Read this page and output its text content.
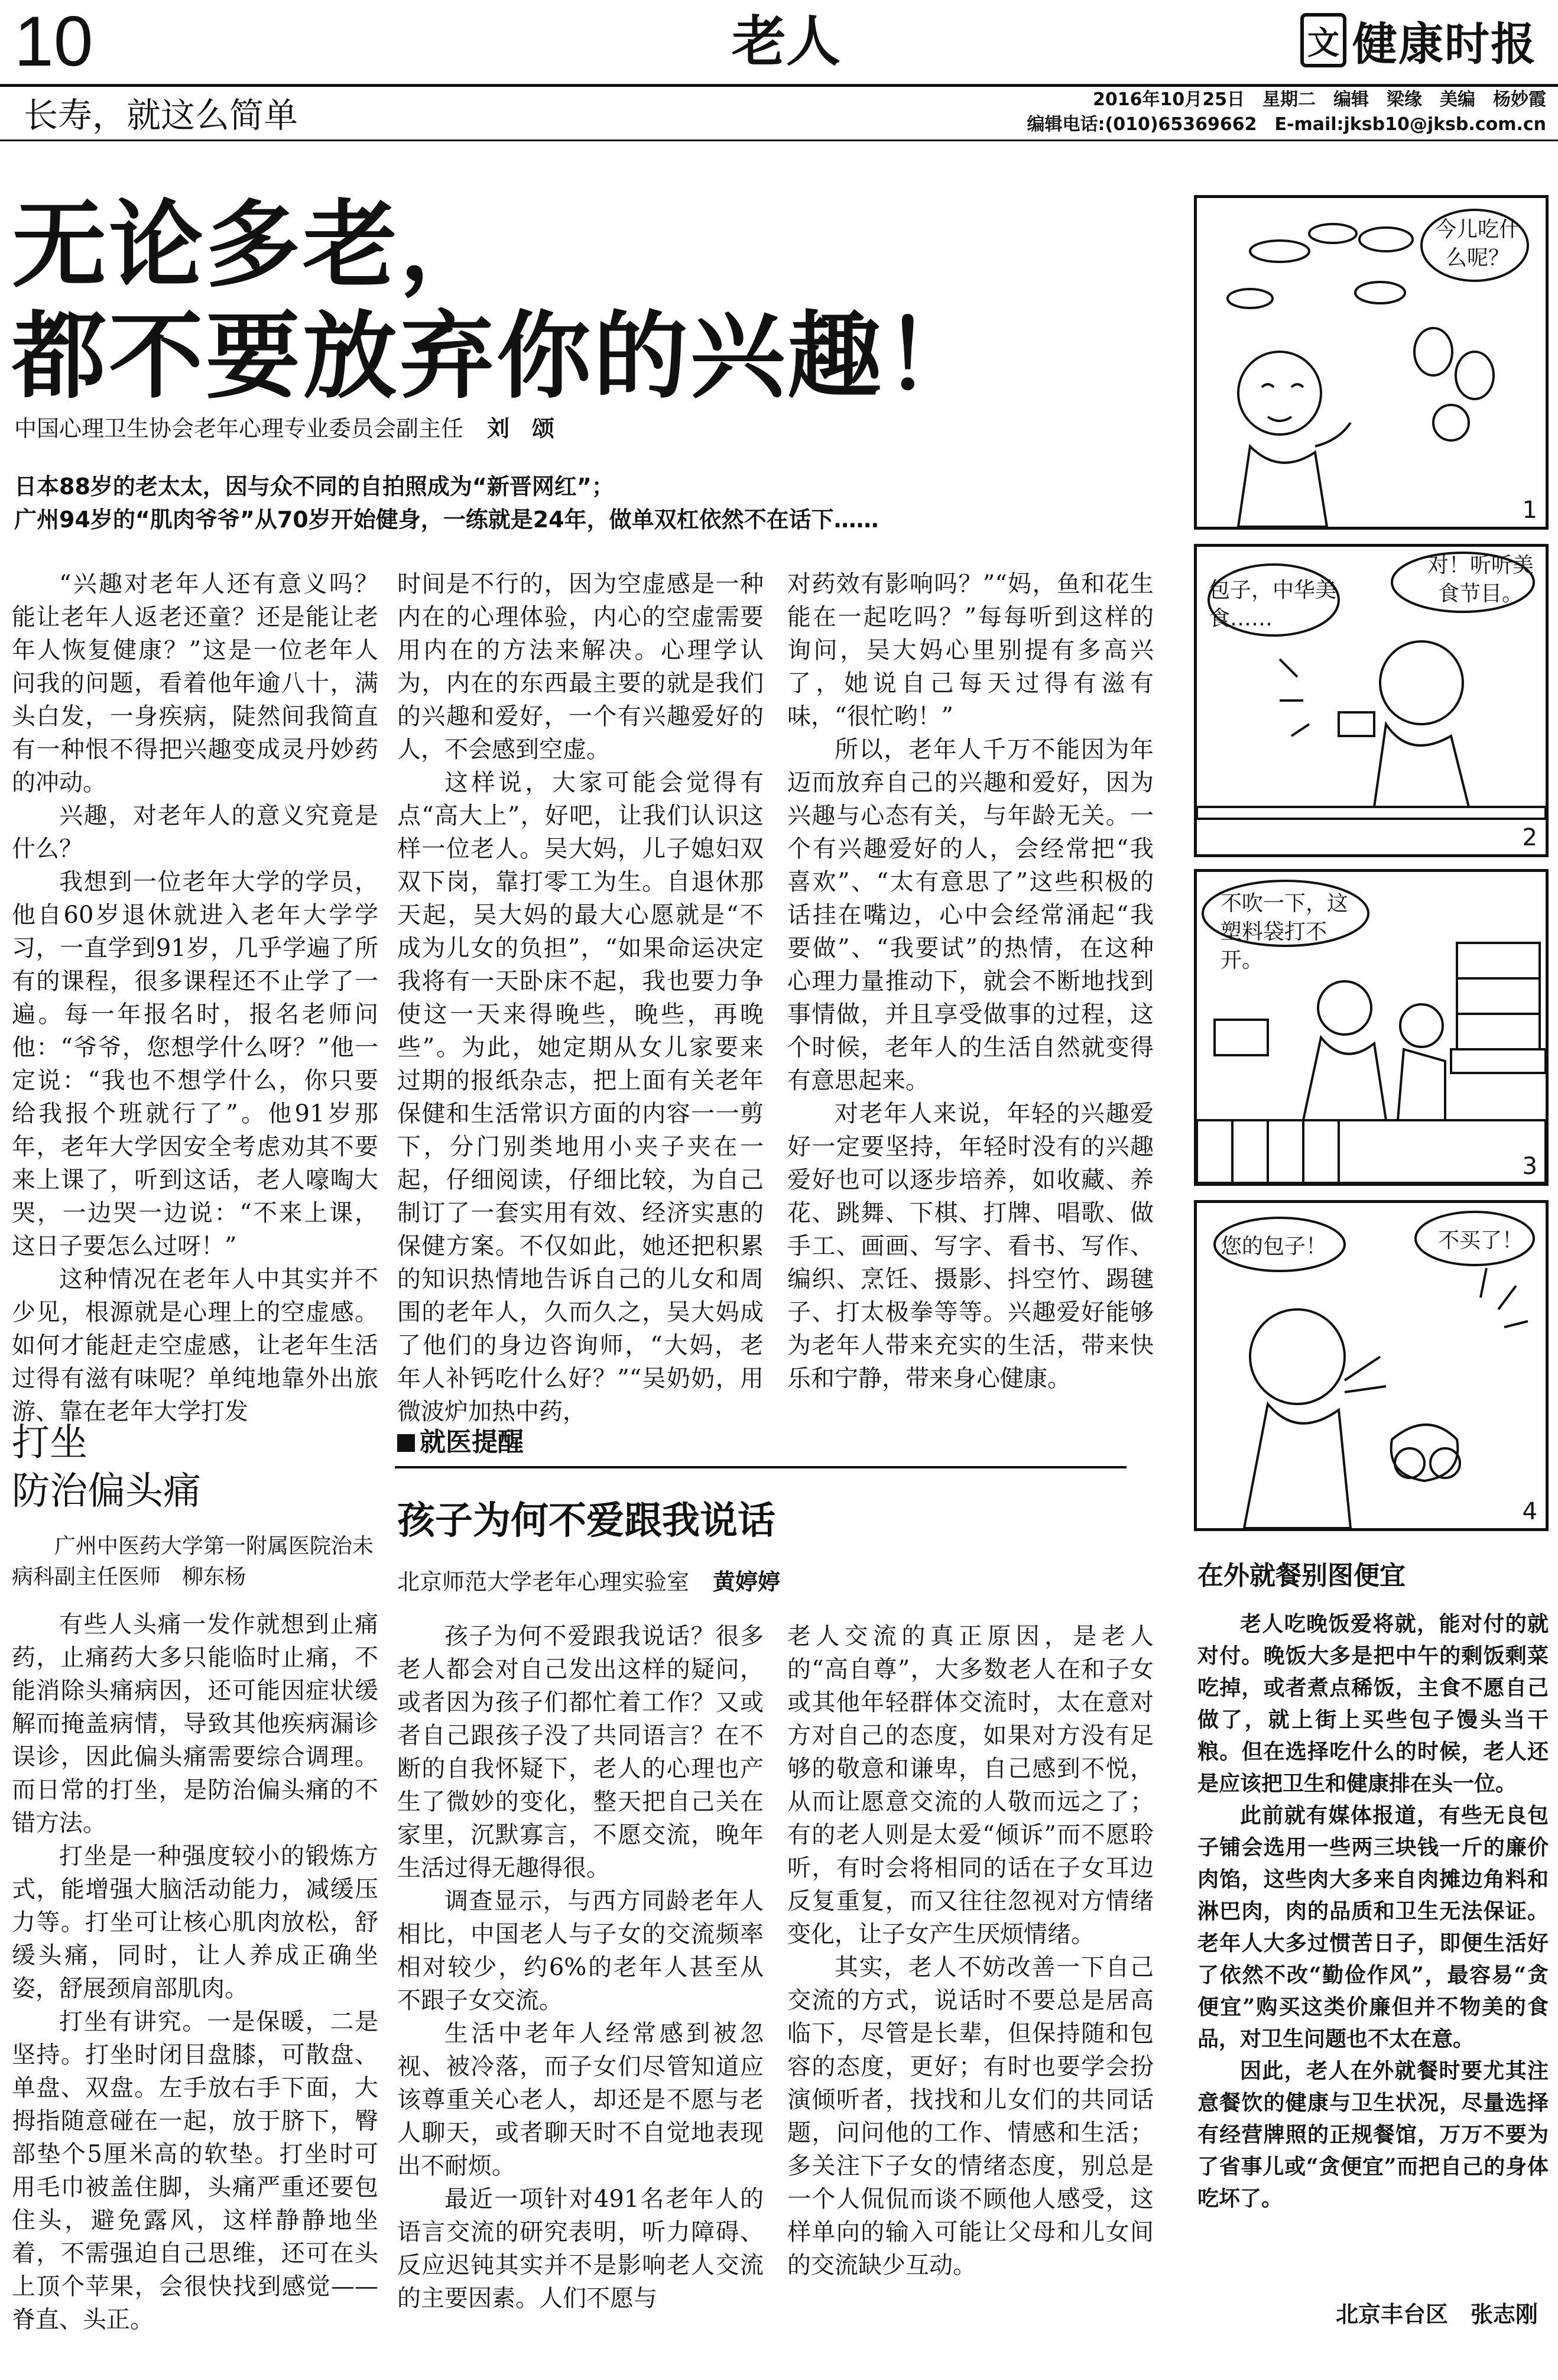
10	老人	文 健康时报
长寿，就这么简单	2016年10月25日　星期二　编辑　梁缘　美编　杨妙霞
编辑电话:(010)65369662　E-mail:jksb10@jksb.com.cn
无论多老，
都不要放弃你的兴趣！
中国心理卫生协会老年心理专业委员会副主任 刘　颂
日本88岁的老太太，因与众不同的自拍照成为“新晋网红”；
广州94岁的“肌肉爷爷”从70岁开始健身，一练就是24年，做单双杠依然不在话下……

“兴趣对老年人还有意义吗？能让老年人返老还童？还是能让老年人恢复健康？”这是一位老年人问我的问题，看着他年逾八十，满头白发，一身疾病，陡然间我简直有一种恨不得把兴趣变成灵丹妙药的冲动。

兴趣，对老年人的意义究竟是什么？

我想到一位老年大学的学员，他自60岁退休就进入老年大学学习，一直学到91岁，几乎学遍了所有的课程，很多课程还不止学了一遍。每一年报名时，报名老师问他：“爷爷，您想学什么呀？”他一定说：“我也不想学什么，你只要给我报个班就行了”。他91岁那年，老年大学因安全考虑劝其不要来上课了，听到这话，老人嚎啕大哭，一边哭一边说：“不来上课，这日子要怎么过呀！”

这种情况在老年人中其实并不少见，根源就是心理上的空虚感。如何才能赶走空虚感，让老年生活过得有滋有味呢？单纯地靠外出旅游、靠在老年大学打发

时间是不行的，因为空虚感是一种内在的心理体验，内心的空虚需要用内在的方法来解决。心理学认为，内在的东西最主要的就是我们的兴趣和爱好，一个有兴趣爱好的人，不会感到空虚。

这样说，大家可能会觉得有点“高大上”，好吧，让我们认识这样一位老人。吴大妈，儿子媳妇双双下岗，靠打零工为生。自退休那天起，吴大妈的最大心愿就是“不成为儿女的负担”，“如果命运决定我将有一天卧床不起，我也要力争使这一天来得晚些，晚些，再晚些”。为此，她定期从女儿家要来过期的报纸杂志，把上面有关老年保健和生活常识方面的内容一一剪下，分门别类地用小夹子夹在一起，仔细阅读，仔细比较，为自己制订了一套实用有效、经济实惠的保健方案。不仅如此，她还把积累的知识热情地告诉自己的儿女和周围的老年人，久而久之，吴大妈成了他们的身边咨询师，“大妈，老年人补钙吃什么好？”“吴奶奶，用微波炉加热中药，

对药效有影响吗？”“妈，鱼和花生能在一起吃吗？”每每听到这样的询问，吴大妈心里别提有多高兴了，她说自己每天过得有滋有味，“很忙哟！”

所以，老年人千万不能因为年迈而放弃自己的兴趣和爱好，因为兴趣与心态有关，与年龄无关。一个有兴趣爱好的人，会经常把“我喜欢”、“太有意思了”这些积极的话挂在嘴边，心中会经常涌起“我要做”、“我要试”的热情，在这种心理力量推动下，就会不断地找到事情做，并且享受做事的过程，这个时候，老年人的生活自然就变得有意思起来。

对老年人来说，年轻的兴趣爱好一定要坚持，年轻时没有的兴趣爱好也可以逐步培养，如收藏、养花、跳舞、下棋、打牌、唱歌、做手工、画画、写字、看书、写作、编织、烹饪、摄影、抖空竹、踢毽子、打太极拳等等。兴趣爱好能够为老年人带来充实的生活，带来快乐和宁静，带来身心健康。

打坐
防治偏头痛
广州中医药大学第一附属医院治未病科副主任医师　柳东杨

有些人头痛一发作就想到止痛药，止痛药大多只能临时止痛，不能消除头痛病因，还可能因症状缓解而掩盖病情，导致其他疾病漏诊误诊，因此偏头痛需要综合调理。而日常的打坐，是防治偏头痛的不错方法。

打坐是一种强度较小的锻炼方式，能增强大脑活动能力，减缓压力等。打坐可让核心肌肉放松，舒缓头痛，同时，让人养成正确坐姿，舒展颈肩部肌肉。

打坐有讲究。一是保暖，二是坚持。打坐时闭目盘膝，可散盘、单盘、双盘。左手放右手下面，大拇指随意碰在一起，放于脐下，臀部垫个5厘米高的软垫。打坐时可用毛巾被盖住脚，头痛严重还要包住头，避免露风，这样静静地坐着，不需强迫自己思维，还可在头上顶个苹果，会很快找到感觉——脊直、头正。

就医提醒
孩子为何不爱跟我说话
北京师范大学老年心理实验室 黄婷婷

孩子为何不爱跟我说话？很多老人都会对自己发出这样的疑问，或者因为孩子们都忙着工作？又或者自己跟孩子没了共同语言？在不断的自我怀疑下，老人的心理也产生了微妙的变化，整天把自己关在家里，沉默寡言，不愿交流，晚年生活过得无趣得很。

调查显示，与西方同龄老年人相比，中国老人与子女的交流频率相对较少，约6%的老年人甚至从不跟子女交流。

生活中老年人经常感到被忽视、被冷落，而子女们尽管知道应该尊重关心老人，却还是不愿与老人聊天，或者聊天时不自觉地表现出不耐烦。

最近一项针对491名老年人的语言交流的研究表明，听力障碍、反应迟钝其实并不是影响老人交流的主要因素。人们不愿与

老人交流的真正原因，是老人的“高自尊”，大多数老人在和子女或其他年轻群体交流时，太在意对方对自己的态度，如果对方没有足够的敬意和谦卑，自己感到不悦，从而让愿意交流的人敬而远之了；有的老人则是太爱“倾诉”而不愿聆听，有时会将相同的话在子女耳边反复重复，而又往往忽视对方情绪变化，让子女产生厌烦情绪。

其实，老人不妨改善一下自己交流的方式，说话时不要总是居高临下，尽管是长辈，但保持随和包容的态度，更好；有时也要学会扮演倾听者，找找和儿女们的共同话题，问问他的工作、情感和生活；多关注下子女的情绪态度，别总是一个人侃侃而谈不顾他人感受，这样单向的输入可能让父母和儿女间的交流缺少互动。

今儿吃什么呢？
1
包子，中华美食……
对！听听美食节目。
2
不吹一下，这塑料袋打不开。
3
您的包子！	不买了！
4
在外就餐别图便宜

老人吃晚饭爱将就，能对付的就对付。晚饭大多是把中午的剩饭剩菜吃掉，或者煮点稀饭，主食不愿自己做了，就上街上买些包子馒头当干粮。但在选择吃什么的时候，老人还是应该把卫生和健康排在头一位。

此前就有媒体报道，有些无良包子铺会选用一些两三块钱一斤的廉价肉馅，这些肉大多来自肉摊边角料和淋巴肉，肉的品质和卫生无法保证。老年人大多过惯苦日子，即便生活好了依然不改“勤俭作风”，最容易“贪便宜”购买这类价廉但并不物美的食品，对卫生问题也不太在意。

因此，老人在外就餐时要尤其注意餐饮的健康与卫生状况，尽量选择有经营牌照的正规餐馆，万万不要为了省事儿或“贪便宜”而把自己的身体吃坏了。

北京丰台区　张志刚
